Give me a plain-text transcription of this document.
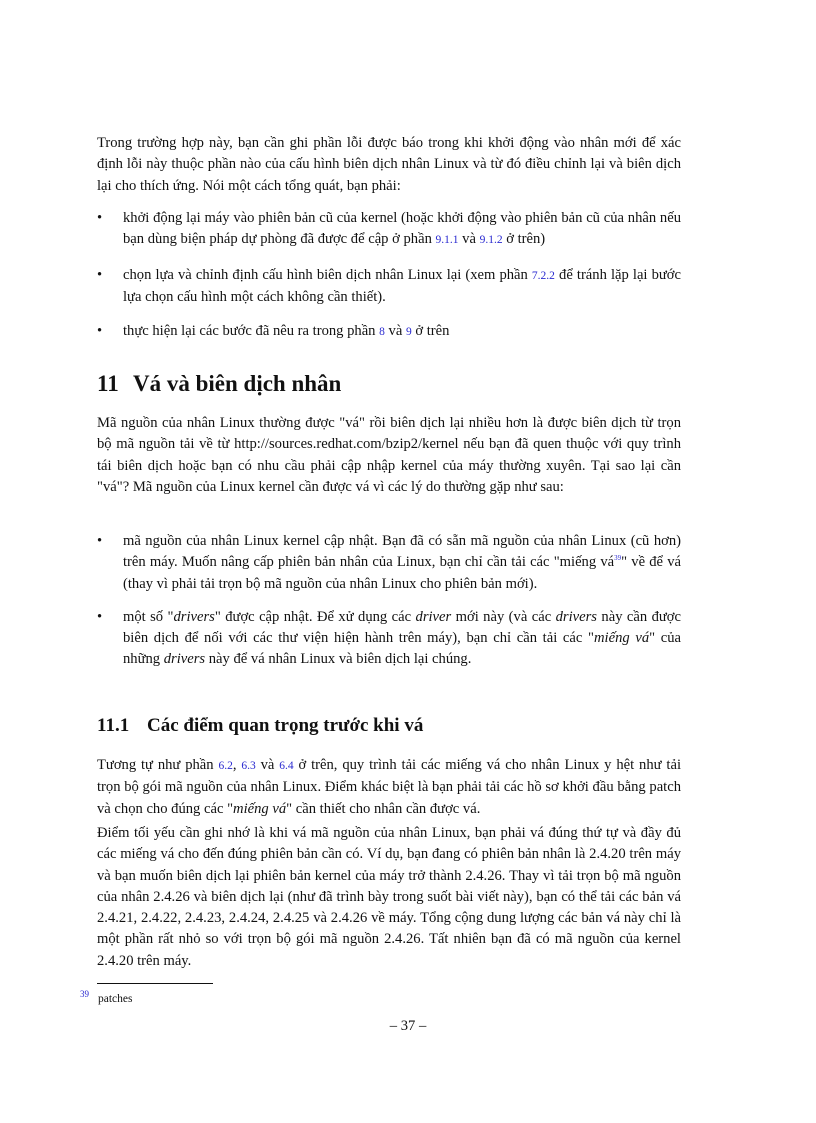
Trong trường hợp này, bạn cần ghi phần lỗi được báo trong khi khởi động vào nhân mới để xác định lỗi này thuộc phần nào của cấu hình biên dịch nhân Linux và từ đó điều chỉnh lại và biên dịch lại cho thích ứng. Nói một cách tổng quát, bạn phải:

•	khởi động lại máy vào phiên bản cũ của kernel (hoặc khởi động vào phiên bản cũ của nhân nếu bạn dùng biện pháp dự phòng đã được để cập ở phần 9.1.1 và 9.1.2 ở trên)
•	chọn lựa và chỉnh định cấu hình biên dịch nhân Linux lại (xem phần 7.2.2 để tránh lặp lại bước lựa chọn cấu hình một cách không cần thiết).
•	thực hiện lại các bước đã nêu ra trong phần 8 và 9 ở trên
11 Vá và biên dịch nhân

Mã nguồn của nhân Linux thường được "vá" rồi biên dịch lại nhiều hơn là được biên dịch từ trọn bộ mã nguồn tải về từ http://sources.redhat.com/bzip2/kernel nếu bạn đã quen thuộc với quy trình tái biên dịch hoặc bạn có nhu cầu phải cập nhập kernel của máy thường xuyên. Tại sao lại cần "vá"? Mã nguồn của Linux kernel cần được vá vì các lý do thường gặp như sau:

•	mã nguồn của nhân Linux kernel cập nhật. Bạn đã có sẵn mã nguồn của nhân Linux (cũ hơn) trên máy. Muốn nâng cấp phiên bản nhân của Linux, bạn chỉ cần tải các "miếng vá$^{39}$" về để vá (thay vì phải tải trọn bộ mã nguồn của nhân Linux cho phiên bản mới).
•	một số "drivers" được cập nhật. Để xử dụng các driver mới này (và các drivers này cần được biên dịch để nối với các thư viện hiện hành trên máy), bạn chỉ cần tải các "miếng vá" của những drivers này để vá nhân Linux và biên dịch lại chúng.
11.1 Các điểm quan trọng trước khi vá

Tương tự như phần 6.2, 6.3 và 6.4 ở trên, quy trình tải các miếng vá cho nhân Linux y hệt như tải trọn bộ gói mã nguồn của nhân Linux. Điểm khác biệt là bạn phải tải các hồ sơ khởi đầu bằng patch và chọn cho đúng các "miếng vá" cần thiết cho nhân cần được vá.

Điểm tối yếu cần ghi nhớ là khi vá mã nguồn của nhân Linux, bạn phải vá đúng thứ tự và đầy đủ các miếng vá cho đến đúng phiên bản cần có. Ví dụ, bạn đang có phiên bản nhân là 2.4.20 trên máy và bạn muốn biên dịch lại phiên bản kernel của máy trở thành 2.4.26. Thay vì tải trọn bộ mã nguồn của nhân 2.4.26 và biên dịch lại (như đã trình bày trong suốt bài viết này), bạn có thể tải các bản vá 2.4.21, 2.4.22, 2.4.23, 2.4.24, 2.4.25 và 2.4.26 về máy. Tổng cộng dung lượng các bản vá này chỉ là một phần rất nhỏ so với trọn bộ gói mã nguồn 2.4.26. Tất nhiên bạn đã có mã nguồn của kernel 2.4.20 trên máy.

$^{39}$ patches
– 37 –
